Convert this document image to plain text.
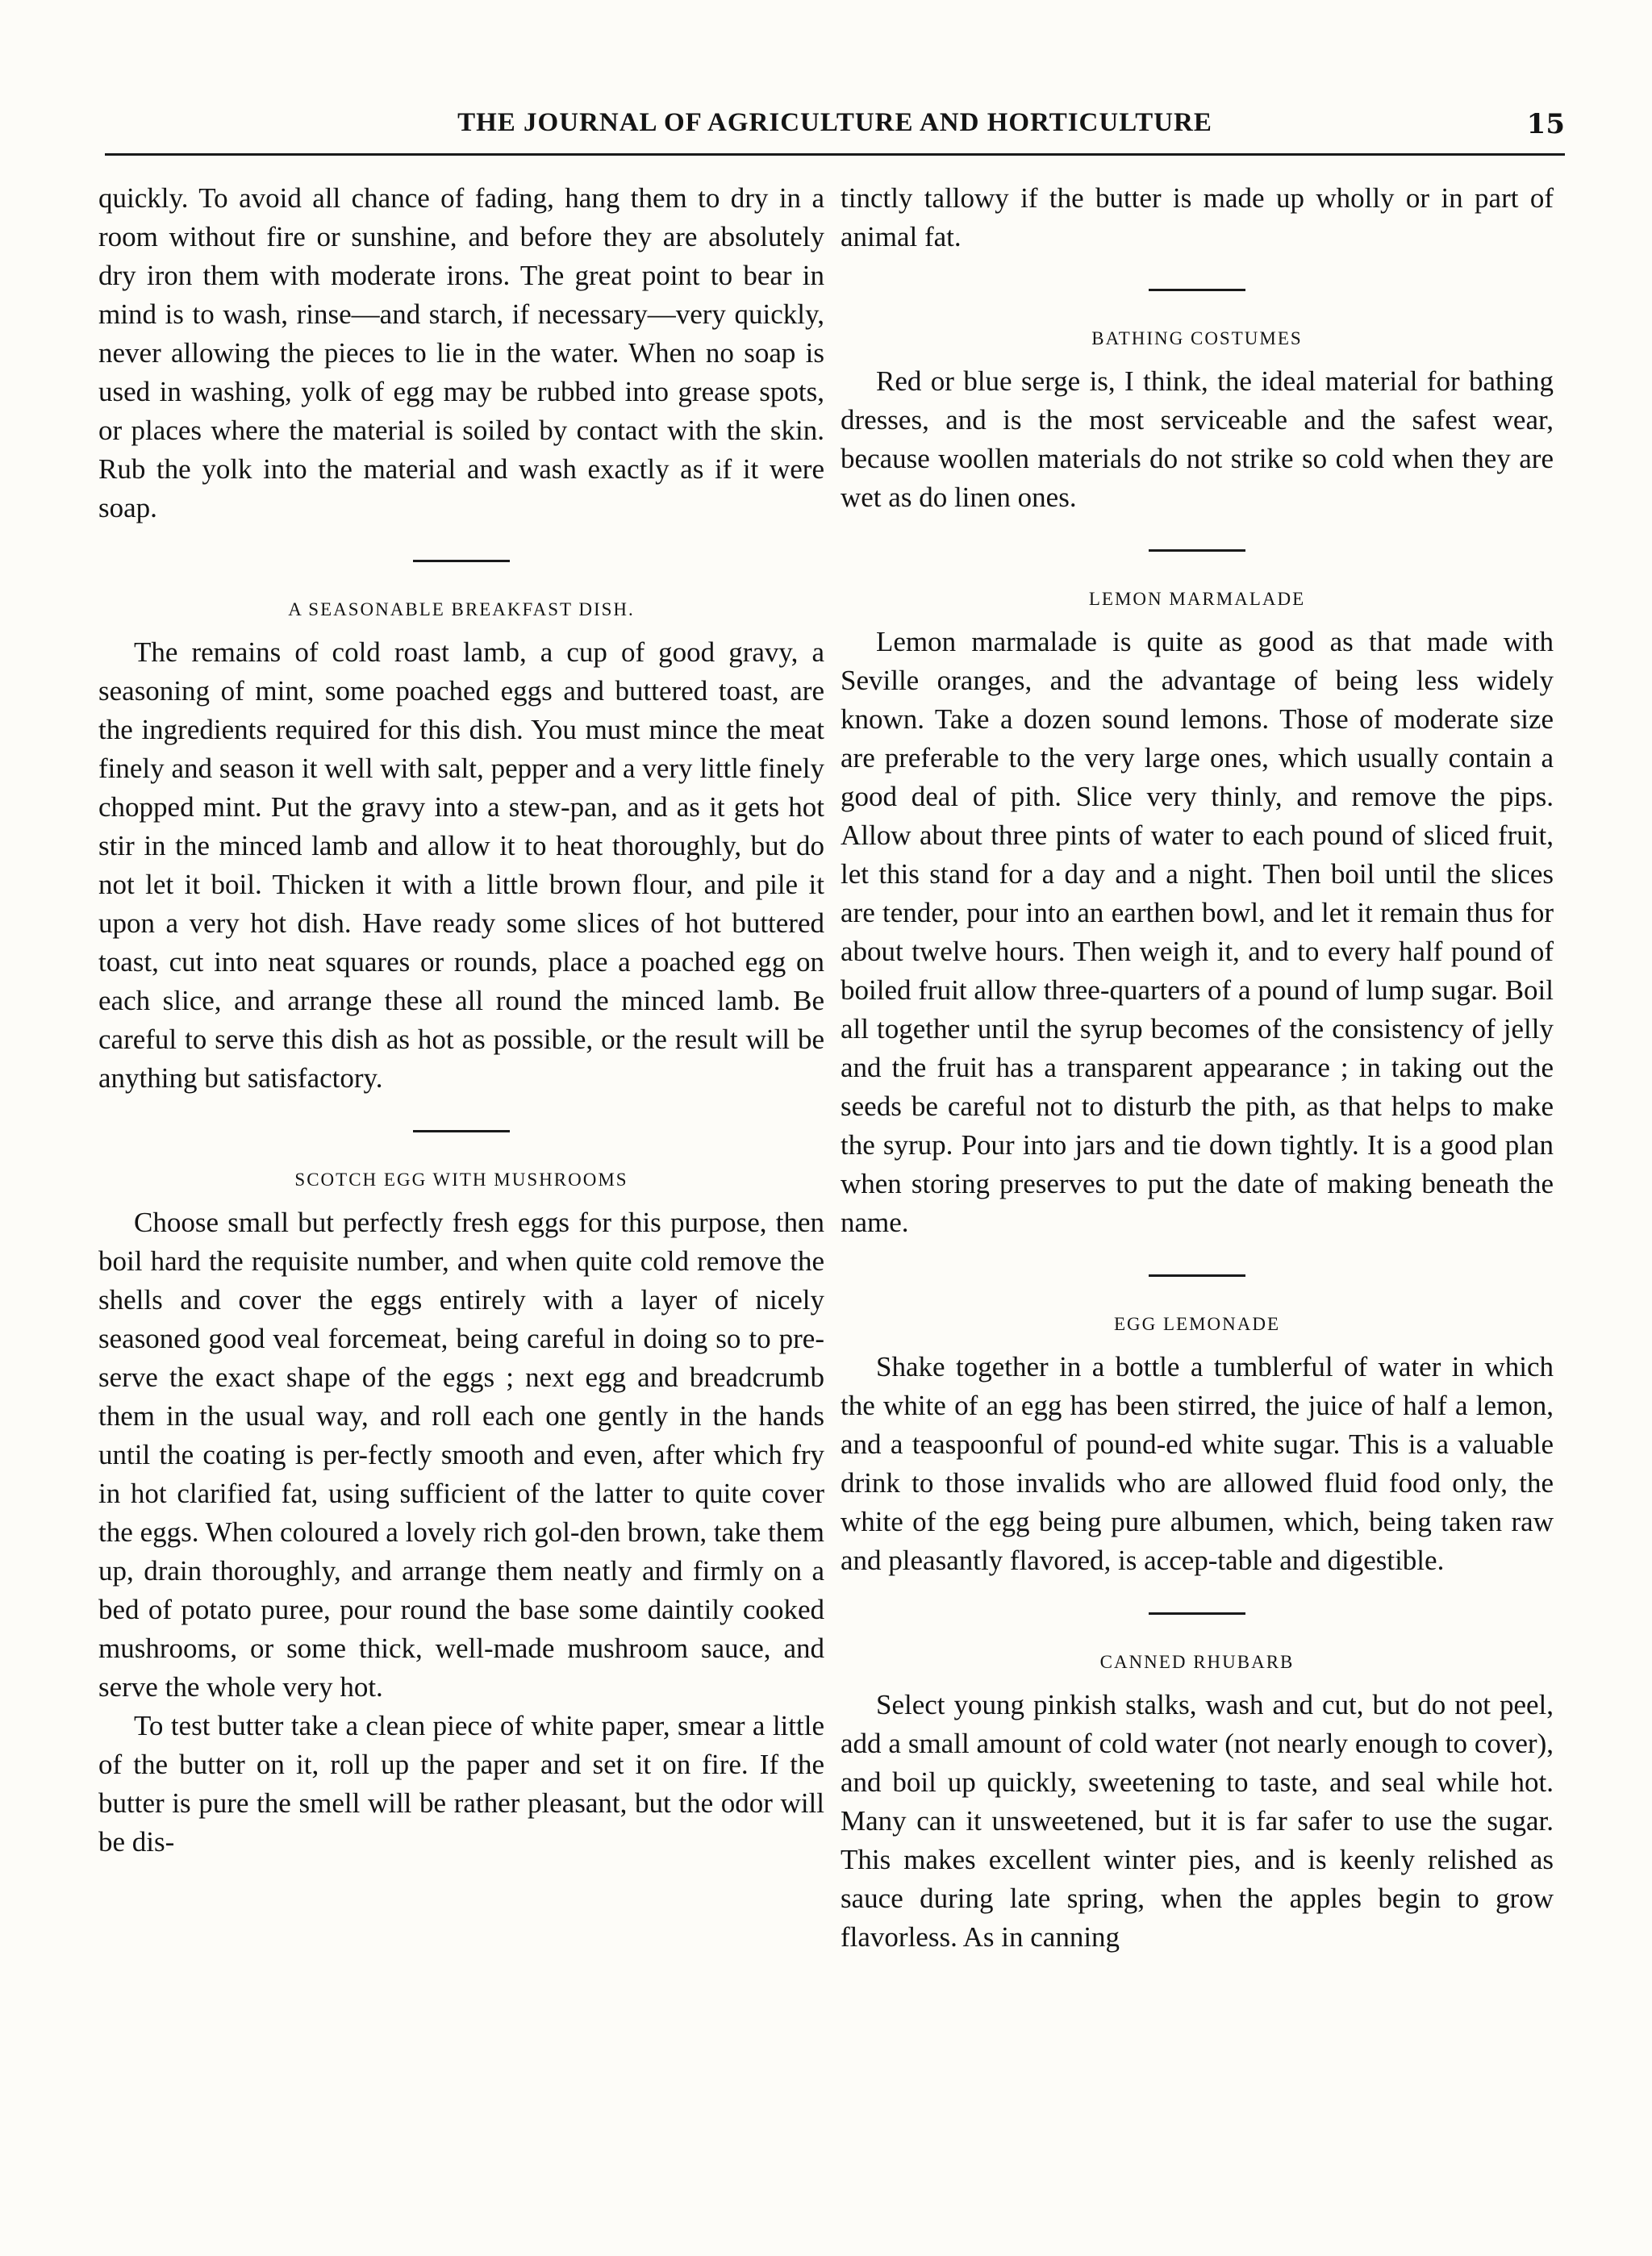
THE JOURNAL OF AGRICULTURE AND HORTICULTURE	15

quickly. To avoid all chance of fading, hang them to dry in a room without fire or sunshine, and before they are absolutely dry iron them with moderate irons. The great point to bear in mind is to wash, rinse—and starch, if necessary—very quickly, never allowing the pieces to lie in the water. When no soap is used in washing, yolk of egg may be rubbed into grease spots, or places where the material is soiled by contact with the skin. Rub the yolk into the material and wash exactly as if it were soap.

A SEASONABLE BREAKFAST DISH.

The remains of cold roast lamb, a cup of good gravy, a seasoning of mint, some poached eggs and buttered toast, are the ingredients required for this dish. You must mince the meat finely and season it well with salt, pepper and a very little finely chopped mint. Put the gravy into a stew-pan, and as it gets hot stir in the minced lamb and allow it to heat thoroughly, but do not let it boil. Thicken it with a little brown flour, and pile it upon a very hot dish. Have ready some slices of hot buttered toast, cut into neat squares or rounds, place a poached egg on each slice, and arrange these all round the minced lamb. Be careful to serve this dish as hot as possible, or the result will be anything but satisfactory.

SCOTCH EGG WITH MUSHROOMS

Choose small but perfectly fresh eggs for this purpose, then boil hard the requisite number, and when quite cold remove the shells and cover the eggs entirely with a layer of nicely seasoned good veal forcemeat, being careful in doing so to pre-serve the exact shape of the eggs ; next egg and breadcrumb them in the usual way, and roll each one gently in the hands until the coating is per-fectly smooth and even, after which fry in hot clarified fat, using sufficient of the latter to quite cover the eggs. When coloured a lovely rich gol-den brown, take them up, drain thoroughly, and arrange them neatly and firmly on a bed of potato puree, pour round the base some daintily cooked mushrooms, or some thick, well-made mushroom sauce, and serve the whole very hot.

To test butter take a clean piece of white paper, smear a little of the butter on it, roll up the paper and set it on fire. If the butter is pure the smell will be rather pleasant, but the odor will be dis-

tinctly tallowy if the butter is made up wholly or in part of animal fat.

BATHING COSTUMES

Red or blue serge is, I think, the ideal material for bathing dresses, and is the most serviceable and the safest wear, because woollen materials do not strike so cold when they are wet as do linen ones.

LEMON MARMALADE

Lemon marmalade is quite as good as that made with Seville oranges, and the advantage of being less widely known. Take a dozen sound lemons. Those of moderate size are preferable to the very large ones, which usually contain a good deal of pith. Slice very thinly, and remove the pips. Allow about three pints of water to each pound of sliced fruit, let this stand for a day and a night. Then boil until the slices are tender, pour into an earthen bowl, and let it remain thus for about twelve hours. Then weigh it, and to every half pound of boiled fruit allow three-quarters of a pound of lump sugar. Boil all together until the syrup becomes of the consistency of jelly and the fruit has a transparent appearance ; in taking out the seeds be careful not to disturb the pith, as that helps to make the syrup. Pour into jars and tie down tightly. It is a good plan when storing preserves to put the date of making beneath the name.

EGG LEMONADE

Shake together in a bottle a tumblerful of water in which the white of an egg has been stirred, the juice of half a lemon, and a teaspoonful of pound-ed white sugar. This is a valuable drink to those invalids who are allowed fluid food only, the white of the egg being pure albumen, which, being taken raw and pleasantly flavored, is accep-table and digestible.

CANNED RHUBARB

Select young pinkish stalks, wash and cut, but do not peel, add a small amount of cold water (not nearly enough to cover), and boil up quickly, sweetening to taste, and seal while hot. Many can it unsweetened, but it is far safer to use the sugar. This makes excellent winter pies, and is keenly relished as sauce during late spring, when the apples begin to grow flavorless. As in canning
